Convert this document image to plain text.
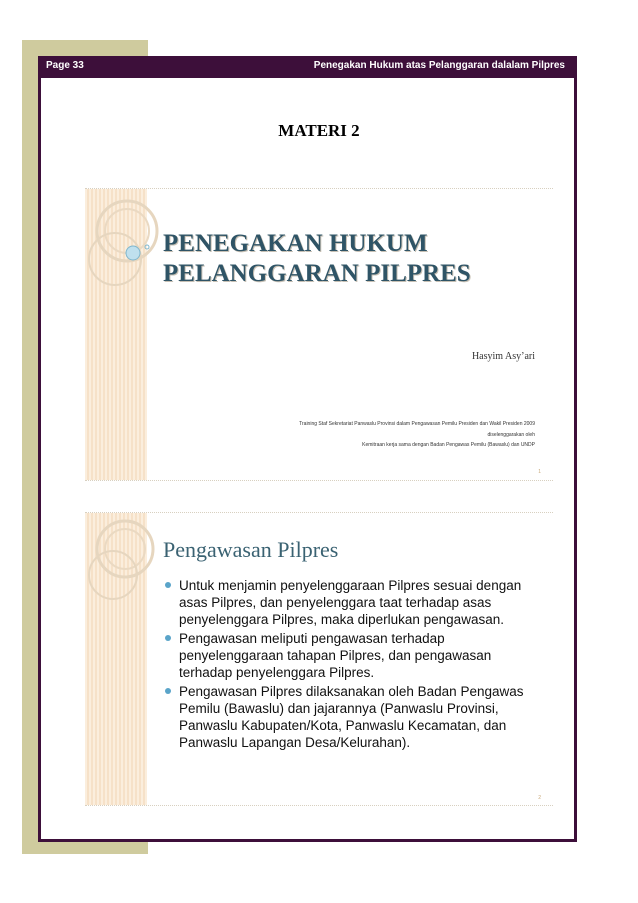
Page 33	Penegakan Hukum atas Pelanggaran dalalam Pilpres
MATERI 2
PENEGAKAN HUKUM
PELANGGARAN PILPRES
Hasyim Asy’ari
Training Staf Sekretariat Panwaslu Provinsi dalam Pengawasan Pemilu Presiden dan Wakil Presiden 2009
diselenggarakan oleh
Kemitraan kerja sama dengan Badan Pengawas Pemilu (Bawaslu) dan UNDP
1
Pengawasan Pilpres
Untuk menjamin penyelenggaraan Pilpres sesuai dengan asas Pilpres, dan penyelenggara taat terhadap asas penyelenggara Pilpres, maka diperlukan pengawasan.
Pengawasan meliputi pengawasan terhadap penyelenggaraan tahapan Pilpres, dan pengawasan terhadap penyelenggara Pilpres.
Pengawasan Pilpres dilaksanakan oleh Badan Pengawas Pemilu (Bawaslu) dan jajarannya (Panwaslu Provinsi, Panwaslu Kabupaten/Kota, Panwaslu Kecamatan, dan Panwaslu Lapangan Desa/Kelurahan).
2
